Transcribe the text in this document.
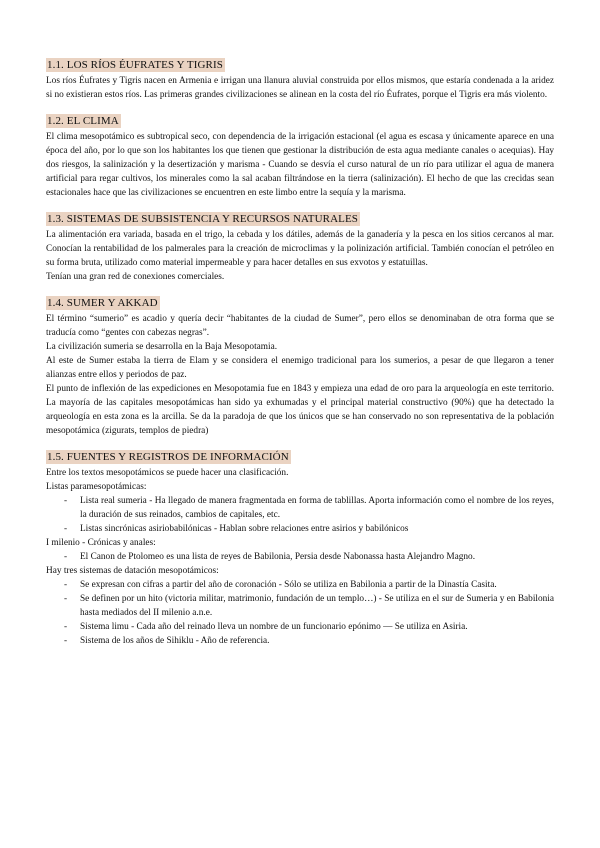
1.1. LOS RÍOS ÉUFRATES Y TIGRIS

Los ríos Éufrates y Tigris nacen en Armenia e irrigan una llanura aluvial construida por ellos mismos, que estaría condenada a la aridez si no existieran estos ríos. Las primeras grandes civilizaciones se alinean en la costa del río Éufrates, porque el Tigris era más violento.

1.2. EL CLIMA

El clima mesopotámico es subtropical seco, con dependencia de la irrigación estacional (el agua es escasa y únicamente aparece en una época del año, por lo que son los habitantes los que tienen que gestionar la distribución de esta agua mediante canales o acequias). Hay dos riesgos, la salinización y la desertización y marisma - Cuando se desvía el curso natural de un río para utilizar el agua de manera artificial para regar cultivos, los minerales como la sal acaban filtrándose en la tierra (salinización). El hecho de que las crecidas sean estacionales hace que las civilizaciones se encuentren en este limbo entre la sequía y la marisma.

1.3. SISTEMAS DE SUBSISTENCIA Y RECURSOS NATURALES

La alimentación era variada, basada en el trigo, la cebada y los dátiles, además de la ganadería y la pesca en los sitios cercanos al mar. Conocían la rentabilidad de los palmerales para la creación de microclimas y la polinización artificial. También conocían el petróleo en su forma bruta, utilizado como material impermeable y para hacer detalles en sus exvotos y estatuillas.

Tenían una gran red de conexiones comerciales.

1.4. SUMER Y AKKAD

El término “sumerio” es acadio y quería decir “habitantes de la ciudad de Sumer”, pero ellos se denominaban de otra forma que se traducía como “gentes con cabezas negras”.

La civilización sumeria se desarrolla en la Baja Mesopotamia.

Al este de Sumer estaba la tierra de Elam y se considera el enemigo tradicional para los sumerios, a pesar de que llegaron a tener alianzas entre ellos y periodos de paz.

El punto de inflexión de las expediciones en Mesopotamia fue en 1843 y empieza una edad de oro para la arqueología en este territorio. La mayoría de las capitales mesopotámicas han sido ya exhumadas y el principal material constructivo (90%) que ha detectado la arqueología en esta zona es la arcilla. Se da la paradoja de que los únicos que se han conservado no son representativa de la población mesopotámica (zigurats, templos de piedra)

1.5. FUENTES Y REGISTROS DE INFORMACIÓN
Entre los textos mesopotámicos se puede hacer una clasificación.
Listas paramesopotámicas:
- Lista real sumeria - Ha llegado de manera fragmentada en forma de tablillas. Aporta información como el nombre de los reyes, la duración de sus reinados, cambios de capitales, etc.
- Listas sincrónicas asiriobabilónicas - Hablan sobre relaciones entre asirios y babilónicos
I milenio - Crónicas y anales:
- El Canon de Ptolomeo es una lista de reyes de Babilonia, Persia desde Nabonassa hasta Alejandro Magno.
Hay tres sistemas de datación mesopotámicos:
- Se expresan con cifras a partir del año de coronación - Sólo se utiliza en Babilonia a partir de la Dinastía Casita.
- Se definen por un hito (victoria militar, matrimonio, fundación de un templo…) - Se utiliza en el sur de Sumeria y en Babilonia hasta mediados del II milenio a.n.e.
- Sistema limu - Cada año del reinado lleva un nombre de un funcionario epónimo — Se utiliza en Asiria.
- Sistema de los años de Sihiklu - Año de referencia.
